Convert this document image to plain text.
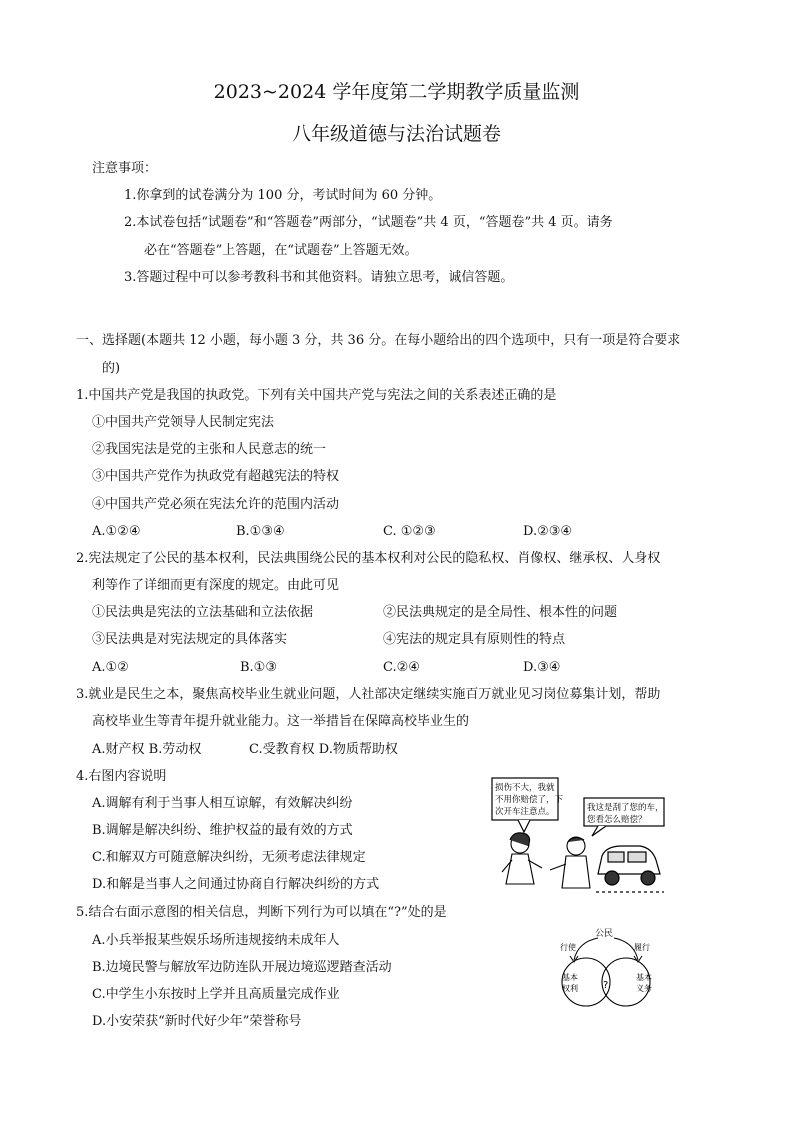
2023~2024 学年度第二学期教学质量监测
八年级道德与法治试题卷
注意事项：
1.你拿到的试卷满分为 100 分，考试时间为 60 分钟。
2.本试卷包括“试题卷”和“答题卷”两部分，“试题卷”共 4 页，“答题卷”共 4 页。请务
必在“答题卷”上答题，在“试题卷”上答题无效。
3.答题过程中可以参考教科书和其他资料。请独立思考，诚信答题。
一、选择题(本题共 12 小题，每小题 3 分，共 36 分。在每小题给出的四个选项中，只有一项是符合要求
的)
1.中国共产党是我国的执政党。下列有关中国共产党与宪法之间的关系表述正确的是
①中国共产党领导人民制定宪法
②我国宪法是党的主张和人民意志的统一
③中国共产党作为执政党有超越宪法的特权
④中国共产党必须在宪法允许的范围内活动
A.①②④	B.①③④	C. ①②③	D.②③④
2.宪法规定了公民的基本权利，民法典围绕公民的基本权利对公民的隐私权、肖像权、继承权、人身权
利等作了详细而更有深度的规定。由此可见
①民法典是宪法的立法基础和立法依据	②民法典规定的是全局性、根本性的问题
③民法典是对宪法规定的具体落实	④宪法的规定具有原则性的特点
A.①②	B.①③	C.②④	D.③④
3.就业是民生之本，聚焦高校毕业生就业问题，人社部决定继续实施百万就业见习岗位募集计划，帮助
高校毕业生等青年提升就业能力。这一举措旨在保障高校毕业生的
A.财产权 B.劳动权	C.受教育权 D.物质帮助权
4.右图内容说明
A.调解有利于当事人相互谅解，有效解决纠纷
B.调解是解决纠纷、维护权益的最有效的方式
C.和解双方可随意解决纠纷，无须考虑法律规定
D.和解是当事人之间通过协商自行解决纠纷的方式
损伤不大，我就
不用你赔偿了，下
次开车注意点。	我这是刮了您的车，
您看怎么赔偿？
5.结合右面示意图的相关信息，判断下列行为可以填在“?”处的是
A.小兵举报某些娱乐场所违规接纳未成年人
B.边境民警与解放军边防连队开展边境巡逻踏查活动
C.中学生小东按时上学并且高质量完成作业
D.小安荣获“新时代好少年”荣誉称号
公民
行使	履行
基本
权利
基本
义务
?
